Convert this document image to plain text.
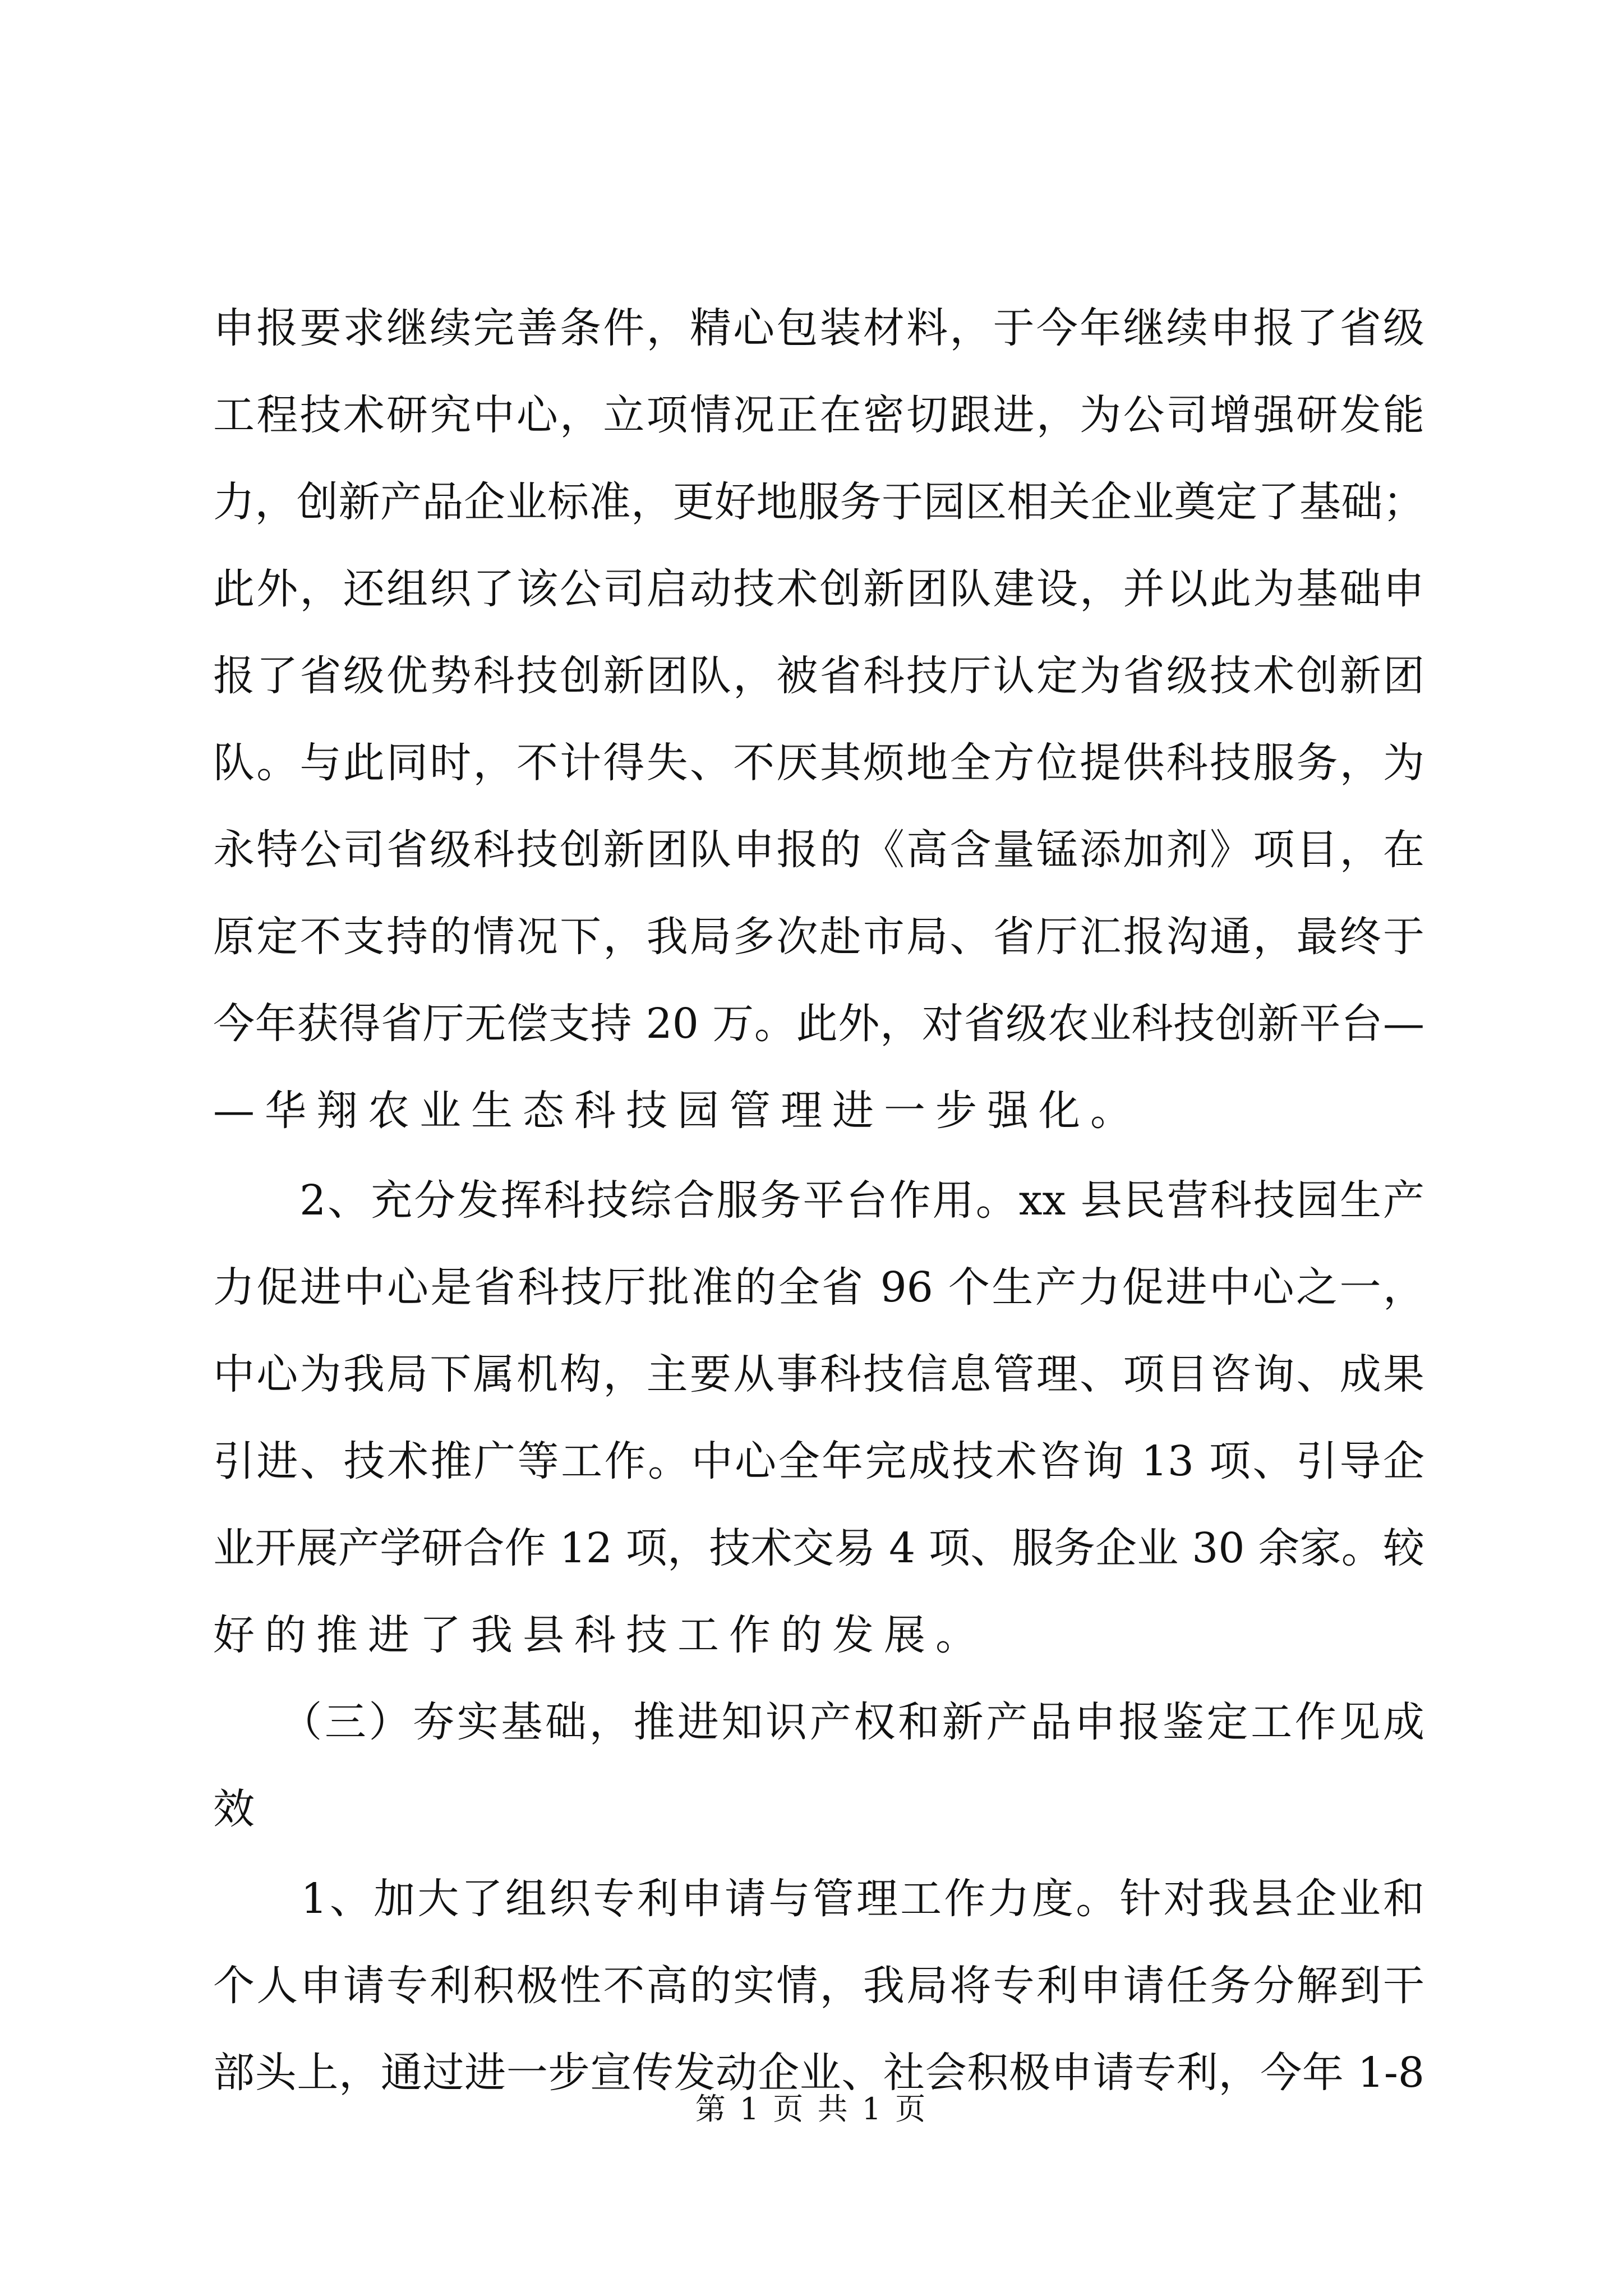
申报要求继续完善条件，精心包装材料，于今年继续申报了省级
工程技术研究中心，立项情况正在密切跟进，为公司增强研发能
力，创新产品企业标准，更好地服务于园区相关企业奠定了基础；
此外，还组织了该公司启动技术创新团队建设，并以此为基础申
报了省级优势科技创新团队，被省科技厅认定为省级技术创新团
队。与此同时，不计得失、不厌其烦地全方位提供科技服务，为
永特公司省级科技创新团队申报的《高含量锰添加剂》项目，在
原定不支持的情况下，我局多次赴市局、省厅汇报沟通，最终于
今年获得省厅无偿支持 20 万。此外，对省级农业科技创新平台—
—华翔农业生态科技园管理进一步强化。
　　2、充分发挥科技综合服务平台作用。xx 县民营科技园生产
力促进中心是省科技厅批准的全省 96 个生产力促进中心之一，
中心为我局下属机构，主要从事科技信息管理、项目咨询、成果
引进、技术推广等工作。中心全年完成技术咨询 13 项、引导企
业开展产学研合作 12 项，技术交易 4 项、服务企业 30 余家。较
好的推进了我县科技工作的发展。
　　（三）夯实基础，推进知识产权和新产品申报鉴定工作见成
效
　　1、加大了组织专利申请与管理工作力度。针对我县企业和
个人申请专利积极性不高的实情，我局将专利申请任务分解到干
部头上，通过进一步宣传发动企业、社会积极申请专利，今年 1-8
第 1 页 共 1 页
